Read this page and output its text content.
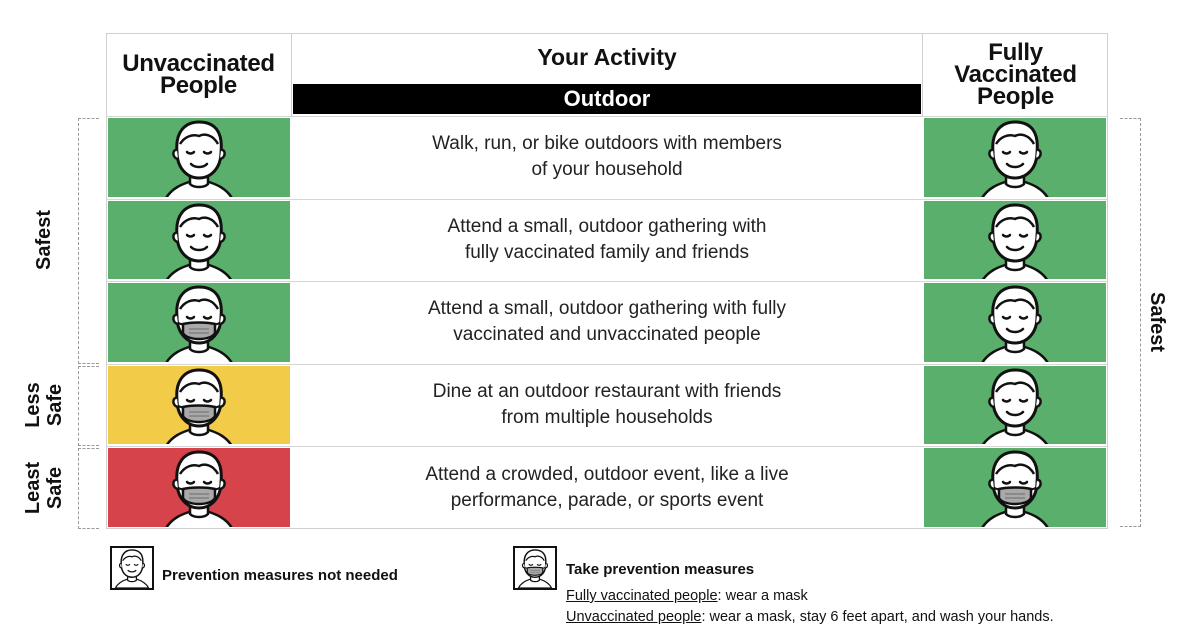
Unvaccinated
People
Your Activity
Outdoor
Fully
Vaccinated
People
Walk, run, or bike outdoors with members
of your household
Attend a small, outdoor gathering with
fully vaccinated family and friends
Attend a small, outdoor gathering with fully
vaccinated and unvaccinated people
Dine at an outdoor restaurant with friends
from multiple households
Attend a crowded, outdoor event, like a live
performance, parade, or sports event
Safest
Less
Safe
Least
Safe
Safest
Prevention measures not needed	Take prevention measures
Fully vaccinated people: wear a mask
Unvaccinated people: wear a mask, stay 6 feet apart, and wash your hands.
